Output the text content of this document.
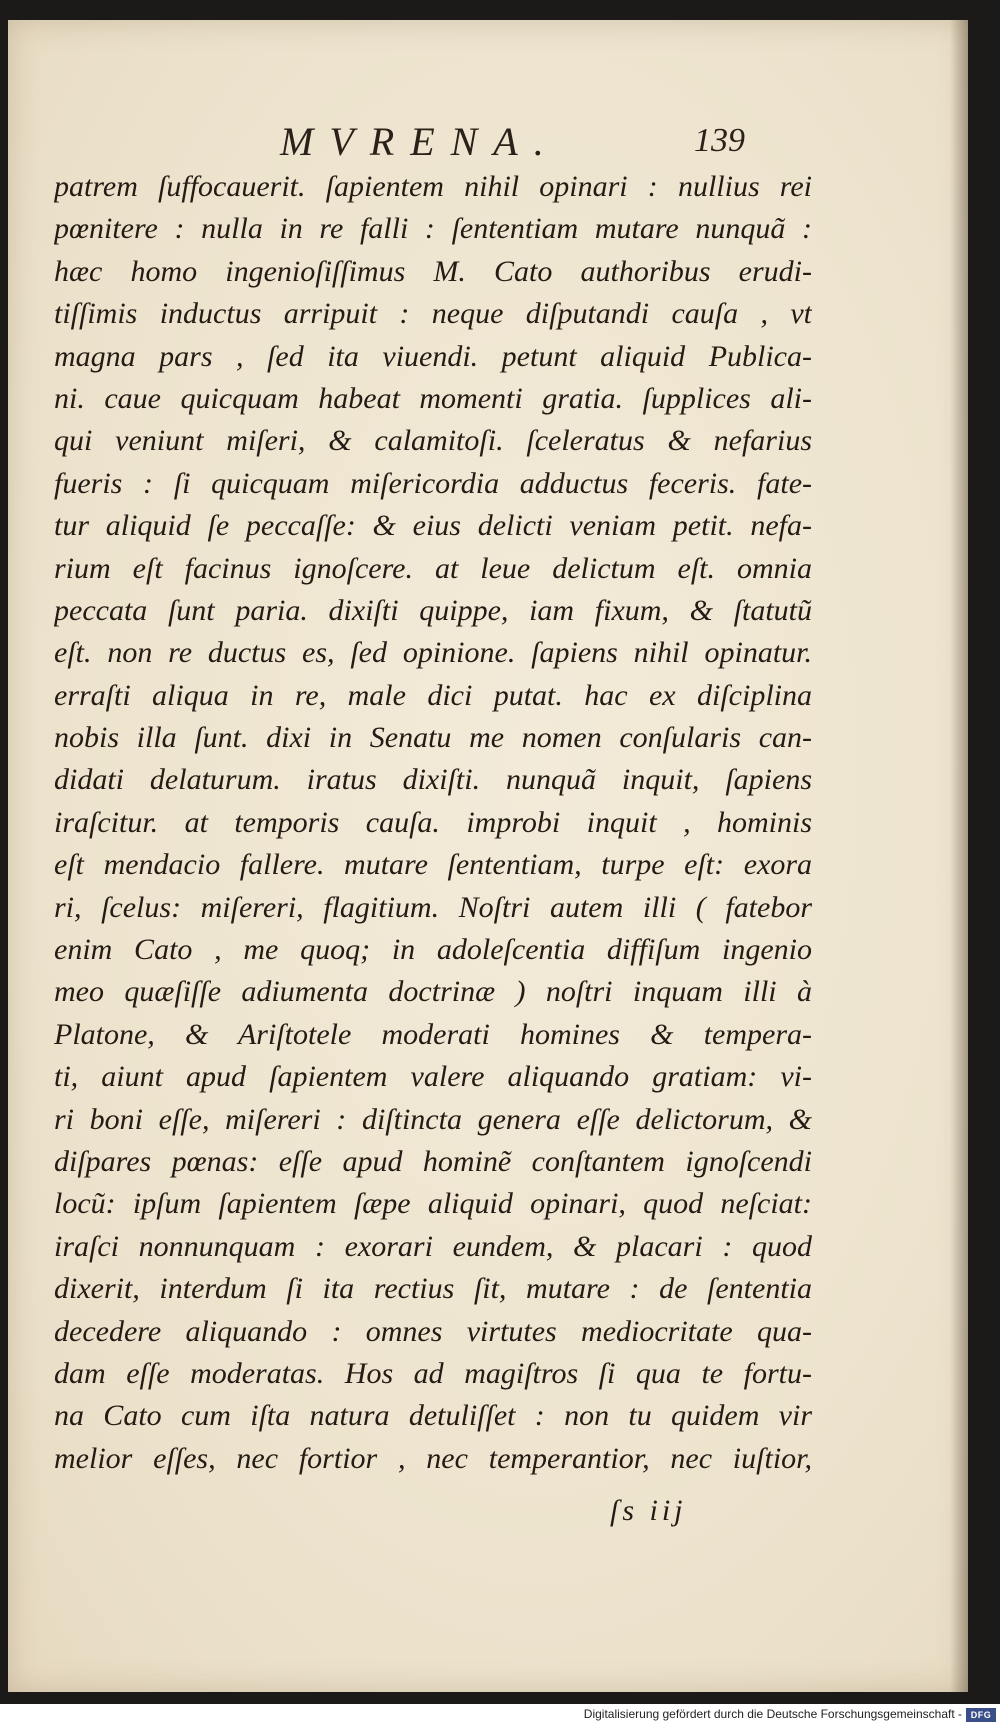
MVRENA.	139
patrem ſuffocauerit. ſapientem nihil opinari : nullius rei
pœnitere : nulla in re falli : ſententiam mutare nunquã :
hæc homo ingenioſiſſimus M. Cato authoribus erudi-
tiſſimis inductus arripuit : neque diſputandi cauſa , vt
magna pars , ſed ita viuendi. petunt aliquid Publica-
ni. caue quicquam habeat momenti gratia. ſupplices ali-
qui veniunt miſeri, & calamitoſi. ſceleratus & nefarius
fueris : ſi quicquam miſericordia adductus feceris. fate-
tur aliquid ſe peccaſſe: & eius delicti veniam petit. nefa-
rium eſt facinus ignoſcere. at leue delictum eſt. omnia
peccata ſunt paria. dixiſti quippe, iam fixum, & ſtatutũ
eſt. non re ductus es, ſed opinione. ſapiens nihil opinatur.
erraſti aliqua in re, male dici putat. hac ex diſciplina
nobis illa ſunt. dixi in Senatu me nomen conſularis can-
didati delaturum. iratus dixiſti. nunquã inquit, ſapiens
iraſcitur. at temporis cauſa. improbi inquit , hominis
eſt mendacio fallere. mutare ſententiam, turpe eſt: exora
ri, ſcelus: miſereri, flagitium. Noſtri autem illi ( fatebor
enim Cato , me quoq; in adoleſcentia diffiſum ingenio
meo quæſiſſe adiumenta doctrinæ ) noſtri inquam illi à
Platone, & Ariſtotele moderati homines & tempera-
ti, aiunt apud ſapientem valere aliquando gratiam: vi-
ri boni eſſe, miſereri : diſtincta genera eſſe delictorum, &
diſpares pœnas: eſſe apud hominẽ conſtantem ignoſcendi
locũ: ipſum ſapientem ſæpe aliquid opinari, quod neſciat:
iraſci nonnunquam : exorari eundem, & placari : quod
dixerit, interdum ſi ita rectius ſit, mutare : de ſententia
decedere aliquando : omnes virtutes mediocritate qua-
dam eſſe moderatas. Hos ad magiſtros ſi qua te fortu-
na Cato cum iſta natura detuliſſet : non tu quidem vir
melior eſſes, nec fortior , nec temperantior, nec iuſtior,
ſs iij
Digitalisierung gefördert durch die Deutsche Forschungsgemeinschaft - DFG
